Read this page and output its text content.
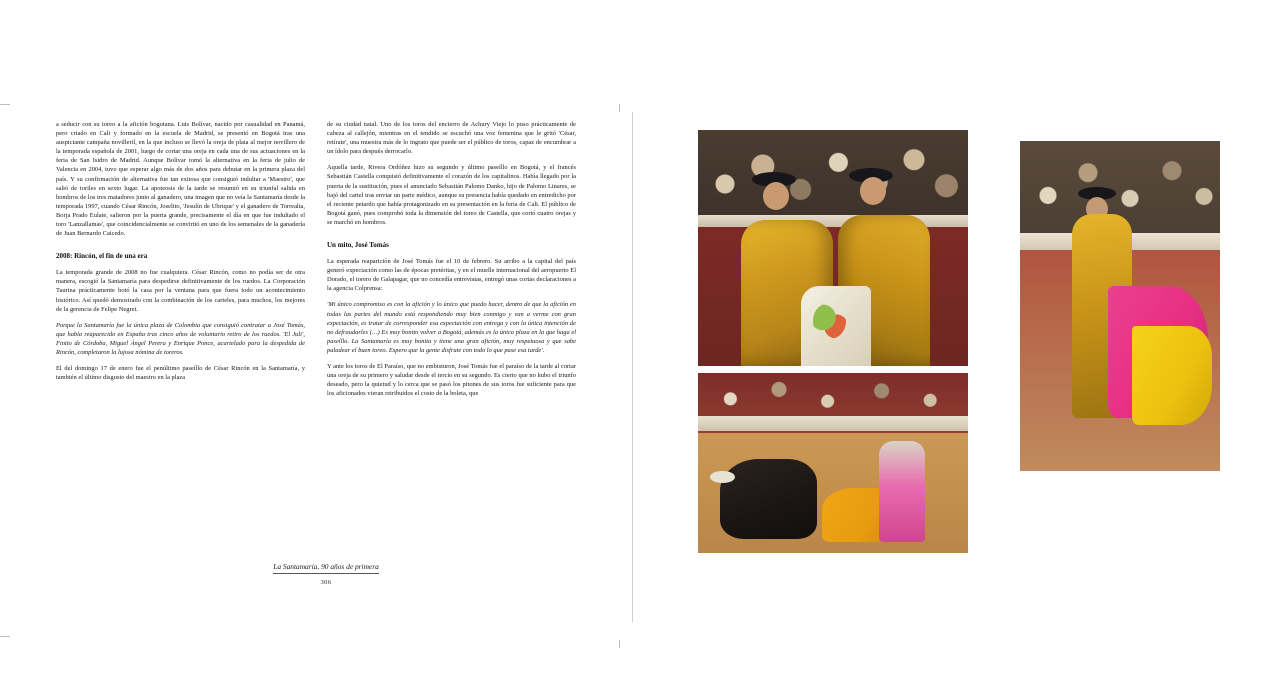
a seducir con su toreo a la afición bogotana. Luis Bolívar, nacido por casualidad en Panamá, pero criado en Cali y formado en la escuela de Madrid, se presentó en Bogotá tras una auspiciante campaña novilleril, en la que incluso se llevó la oreja de plata al mejor novillero de la temporada española de 2001, luego de cortar una oreja en cada una de sus actuaciones en la feria de San Isidro de Madrid. Aunque Bolívar tomó la alternativa en la feria de julio de Valencia en 2004, tuvo que esperar algo más de dos años para debutar en la primera plaza del país. Y su confirmación de alternativa fue tan exitosa que consiguió indultar a 'Maestro', que salió de toriles en sexto lugar. La apoteosis de la tarde se resumió en su triunfal salida en hombros de los tres matadores junto al ganadero, una imagen que no veía la Santamaría desde la temporada 1997, cuando César Rincón, Joselito, 'Jesulín de Ubrique' y el ganadero de Torrealta, Borja Prado Eulate, salieron por la puerta grande, precisamente el día en que fue indultado el toro 'Lanzallamas', que coincidencialmente se convirtió en uno de los semenales de la ganadería de Juan Bernardo Caicedo.

2008: Rincón, el fin de una era

La temporada grande de 2008 no fue cualquiera. César Rincón, como no podía ser de otra manera, escogió la Santamaría para despedirse definitivamente de los ruedos. La Corporación Taurina prácticamente botó la casa por la ventana para que fuera todo un acontecimiento histórico. Así quedó demostrado con la combinación de los carteles, para muchos, los mejores de la gerencia de Felipe Negret.

Porque la Santamaría fue la única plaza de Colombia que consiguió contratar a José Tomás, que había reaparecido en España tras cinco años de voluntario retiro de los ruedos. 'El Juli', Finito de Córdoba, Miguel Ángel Perera y Enrique Ponce, acartelado para la despedida de Rincón, completaron la lujosa nómina de toreros.

El del domingo 17 de enero fue el penúltimo paseíllo de César Rincón en la Santamaría, y también el último disgusto del maestro en la plaza

de su ciudad natal. Uno de los toros del encierro de Achury Viejo lo puso prácticamente de cabeza al callejón, mientras en el tendido se escuchó una voz femenina que le gritó 'César, retírate', una muestra más de lo ingrato que puede ser el público de toros, capaz de encumbrar a un ídolo para después derrocarlo.

Aquella tarde, Rivera Ordóñez hizo su segundo y último paseíllo en Bogotá, y el francés Sebastián Castella conquistó definitivamente el corazón de los capitalinos. Había llegado por la puerta de la sustitución, pues el anunciado Sebastián Palomo Danko, hijo de Palomo Linares, se bajó del cartel tras enviar un parte médico, aunque su presencia había quedado en entredicho por el reciente petardo que había protagonizado en su presentación en la feria de Cali. El público de Bogotá ganó, pues comprobó toda la dimensión del toreo de Castella, que cortó cuatro orejas y se marchó en hombros.

Un mito, José Tomás

La esperada reaparición de José Tomás fue el 10 de febrero. Su arribo a la capital del país generó expectación como las de épocas pretéritas, y en el muelle internacional del aeropuerto El Dorado, el torero de Galapagar, que no concedía entrevistas, entregó unas cortas declaraciones a la agencia Colprensa:

'Mi único compromiso es con la afición y lo único que puedo hacer, dentro de que la afición en todas las partes del mundo está respondiendo muy bien conmigo y van a verme con gran expectación, es tratar de corresponder esa expectación con entrega y con la única intención de no defraudarles (…) Es muy bonito volver a Bogotá, además es la única plaza en la que haga el paseíllo. La Santamaría es muy bonita y tiene una gran afición, muy respetuosa y que sabe paladear el buen toreo. Espero que la gente disfrute con todo lo que pase esa tarde'.

Y ante los toros de El Paraíso, que no embisturon, José Tomás fue el paraíso de la tarde al cortar una oreja de su primero y saludar desde el tercio en su segundo. Es cierto que no hubo el triunfo deseado, pero la quietud y lo cerca que se pasó los pitones de sus toros fue suficiente para que los aficionados vieran retribuidos el costo de la boleta, que

La Santamaría, 90 años de primera
306
